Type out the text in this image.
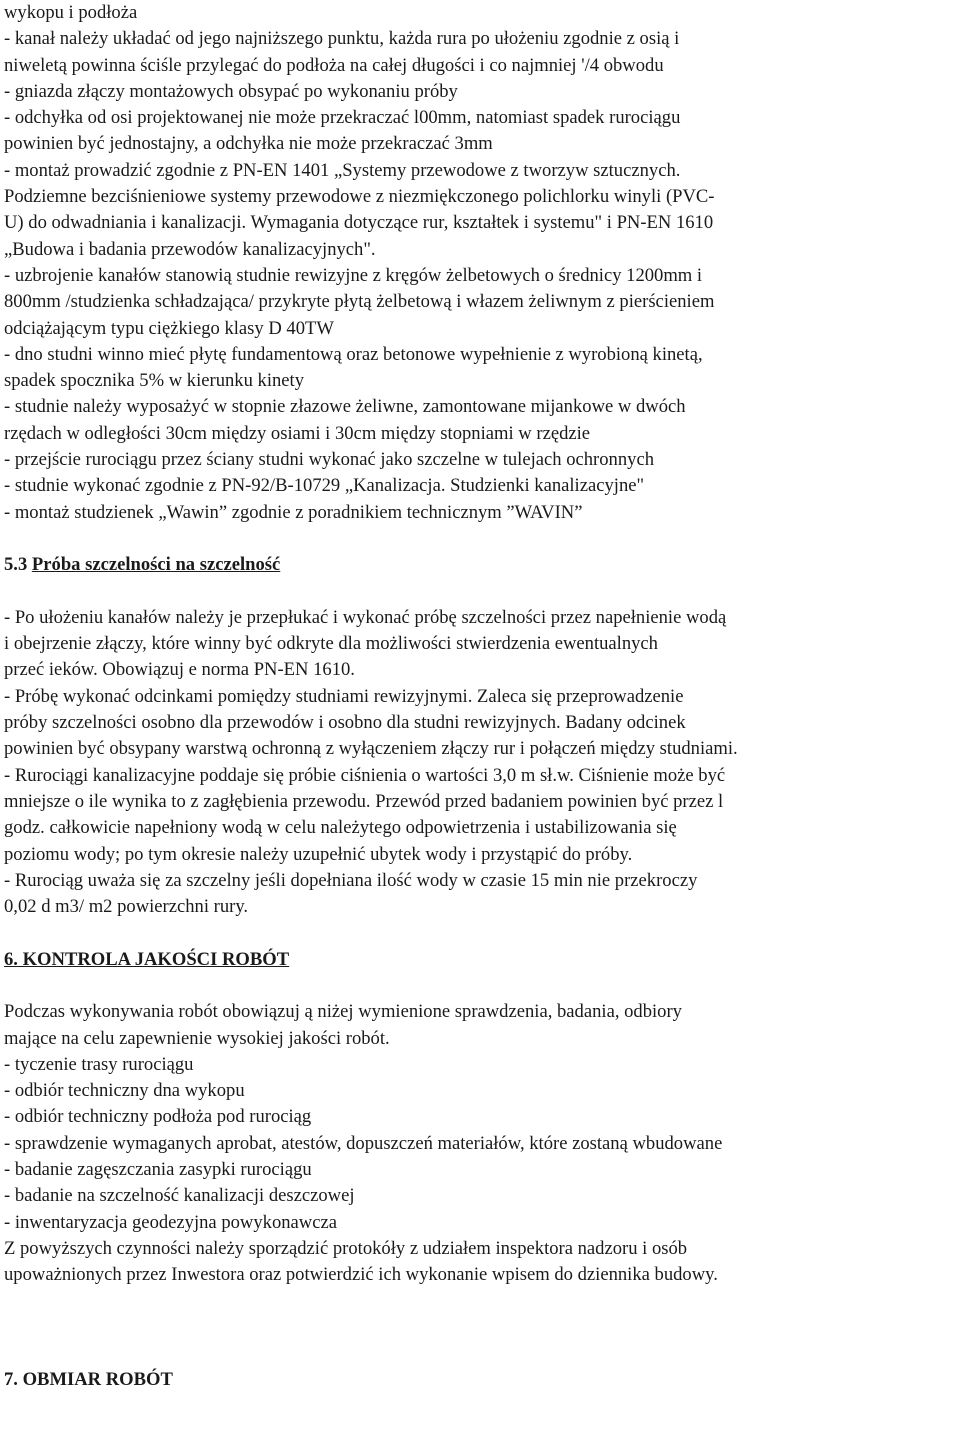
wykopu i podłoża
- kanał należy układać od jego najniższego punktu, każda rura po ułożeniu zgodnie z osią i
niweletą powinna ściśle przylegać do podłoża na całej długości i co najmniej '/4 obwodu
- gniazda złączy montażowych obsypać po wykonaniu próby
- odchyłka od osi projektowanej nie może przekraczać l00mm, natomiast spadek rurociągu
powinien być jednostajny, a odchyłka nie może przekraczać 3mm
- montaż prowadzić zgodnie z PN-EN 1401 „Systemy przewodowe z tworzyw sztucznych.
Podziemne bezciśnieniowe systemy przewodowe z niezmiękczonego polichlorku winyli (PVC-
U) do odwadniania i kanalizacji. Wymagania dotyczące rur, kształtek i systemu" i PN-EN 1610
„Budowa i badania przewodów kanalizacyjnych".
- uzbrojenie kanałów stanowią studnie rewizyjne z kręgów żelbetowych o średnicy 1200mm i
800mm /studzienka schładzająca/ przykryte płytą żelbetową i włazem żeliwnym z pierścieniem
odciążającym typu ciężkiego klasy D 40TW
- dno studni winno mieć płytę fundamentową oraz betonowe wypełnienie z wyrobioną kinetą,
spadek spocznika 5% w kierunku kinety
- studnie należy wyposażyć w stopnie złazowe żeliwne, zamontowane mijankowe w dwóch
rzędach w odległości 30cm między osiami i 30cm między stopniami w rzędzie
- przejście rurociągu przez ściany studni wykonać jako szczelne w tulejach ochronnych
- studnie wykonać zgodnie z PN-92/B-10729 „Kanalizacja. Studzienki kanalizacyjne"
- montaż studzienek „Wawin” zgodnie z poradnikiem technicznym ”WAVIN”
5.3 Próba szczelności na szczelność
- Po ułożeniu kanałów należy je przepłukać i wykonać próbę szczelności przez napełnienie wodą
i obejrzenie złączy, które winny być odkryte dla możliwości stwierdzenia ewentualnych
przeć ieków. Obowiązuj e norma PN-EN 1610.
- Próbę wykonać odcinkami pomiędzy studniami rewizyjnymi. Zaleca się przeprowadzenie
próby szczelności osobno dla przewodów i osobno dla studni rewizyjnych. Badany odcinek
powinien być obsypany warstwą ochronną z wyłączeniem złączy rur i połączeń między studniami.
- Rurociągi kanalizacyjne poddaje się próbie ciśnienia o wartości 3,0 m sł.w. Ciśnienie może być
mniejsze o ile wynika to z zagłębienia przewodu. Przewód przed badaniem powinien być przez l
godz. całkowicie napełniony wodą w celu należytego odpowietrzenia i ustabilizowania się
poziomu wody; po tym okresie należy uzupełnić ubytek wody i przystąpić do próby.
- Rurociąg uważa się za szczelny jeśli dopełniana ilość wody w czasie 15 min nie przekroczy
0,02 d m3/ m2 powierzchni rury.
6. KONTROLA JAKOŚCI ROBÓT
Podczas wykonywania robót obowiązuj ą niżej wymienione sprawdzenia, badania, odbiory
mające na celu zapewnienie wysokiej jakości robót.
- tyczenie trasy rurociągu
- odbiór techniczny dna wykopu
- odbiór techniczny podłoża pod rurociąg
- sprawdzenie wymaganych aprobat, atestów, dopuszczeń materiałów, które zostaną wbudowane
- badanie zagęszczania zasypki rurociągu
- badanie na szczelność kanalizacji deszczowej
- inwentaryzacja geodezyjna powykonawcza
Z powyższych czynności należy sporządzić protokóły z udziałem inspektora nadzoru i osób
upoważnionych przez Inwestora oraz potwierdzić ich wykonanie wpisem do dziennika budowy.
7. OBMIAR ROBÓT
